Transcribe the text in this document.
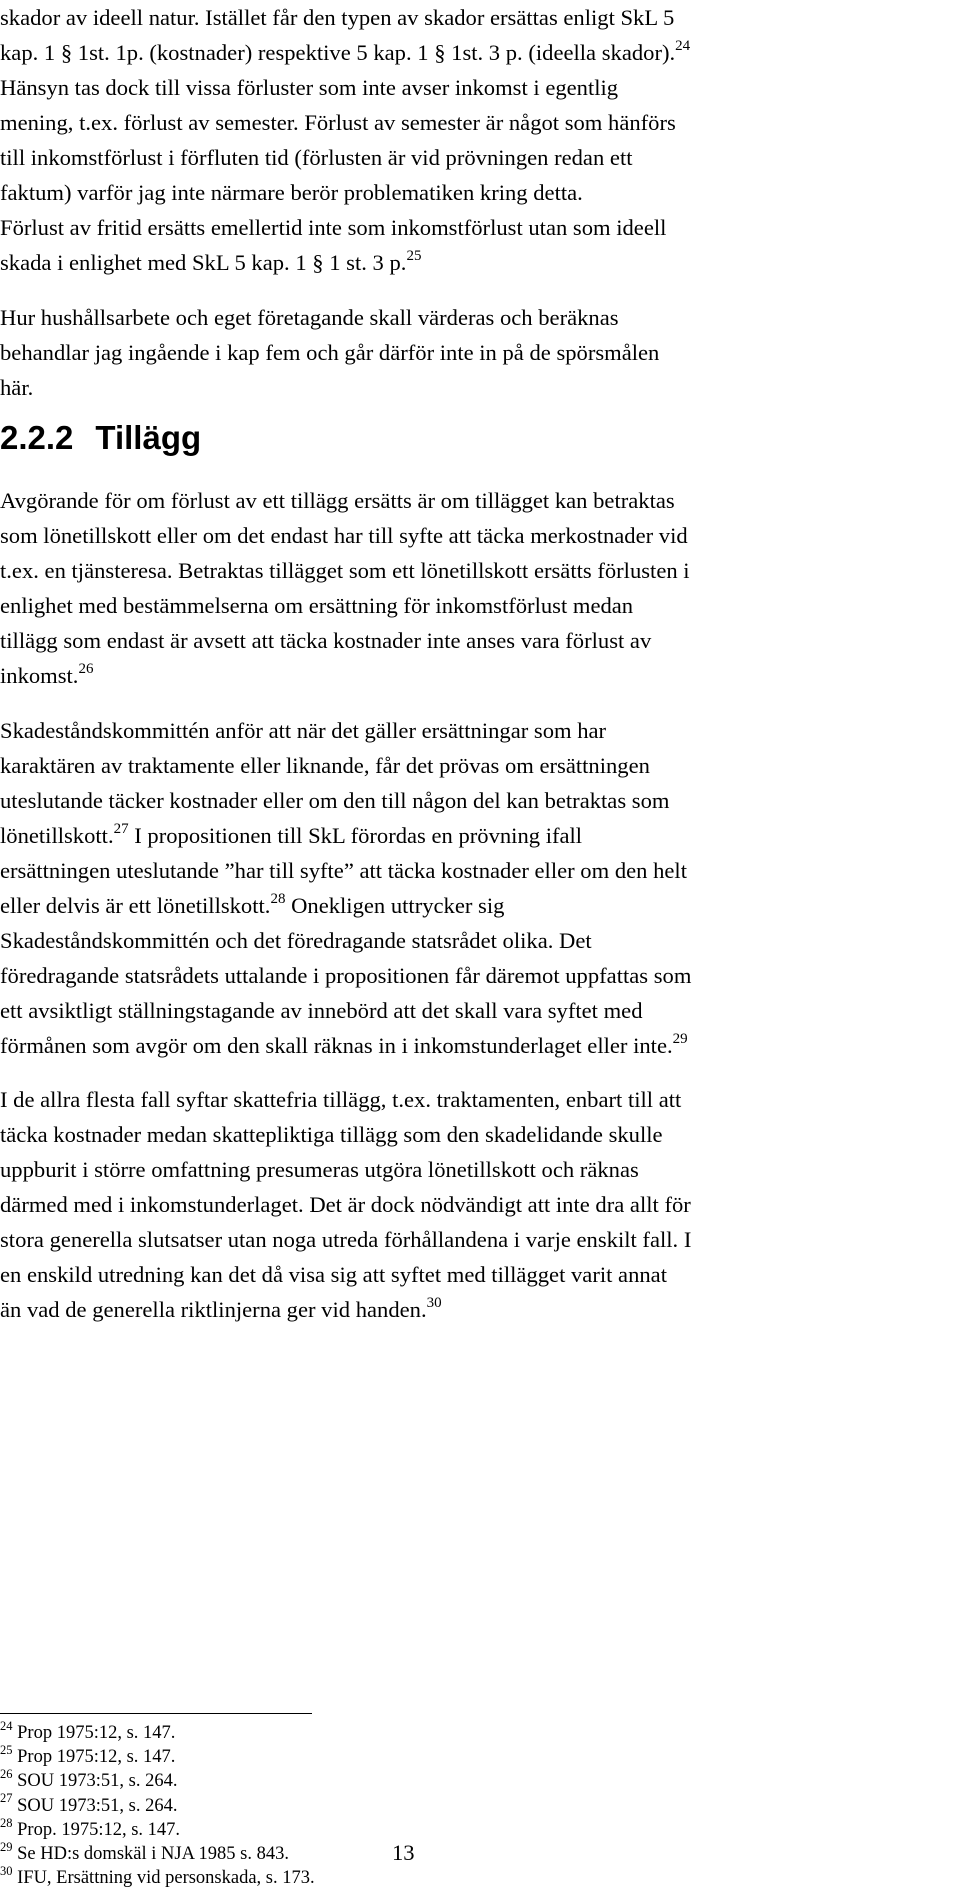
skador av ideell natur. Istället får den typen av skador ersättas enligt SkL 5
kap. 1 § 1st. 1p. (kostnader) respektive 5 kap. 1 § 1st. 3 p. (ideella skador).$^{24}$
Hänsyn tas dock till vissa förluster som inte avser inkomst i egentlig
mening, t.ex. förlust av semester. Förlust av semester är något som hänförs
till inkomstförlust i förfluten tid (förlusten är vid prövningen redan ett
faktum) varför jag inte närmare berör problematiken kring detta.
Förlust av fritid ersätts emellertid inte som inkomstförlust utan som ideell
skada i enlighet med SkL 5 kap. 1 § 1 st. 3 p.$^{25}$
Hur hushållsarbete och eget företagande skall värderas och beräknas
behandlar jag ingående i kap fem och går därför inte in på de spörsmålen
här.
Avgörande för om förlust av ett tillägg ersätts är om tillägget kan betraktas
som lönetillskott eller om det endast har till syfte att täcka merkostnader vid
t.ex. en tjänsteresa. Betraktas tillägget som ett lönetillskott ersätts förlusten i
enlighet med bestämmelserna om ersättning för inkomstförlust medan
tillägg som endast är avsett att täcka kostnader inte anses vara förlust av
inkomst.$^{26}$
Skadeståndskommittén anför att när det gäller ersättningar som har
karaktären av traktamente eller liknande, får det prövas om ersättningen
uteslutande täcker kostnader eller om den till någon del kan betraktas som
lönetillskott.$^{27}$ I propositionen till SkL förordas en prövning ifall
ersättningen uteslutande ”har till syfte” att täcka kostnader eller om den helt
eller delvis är ett lönetillskott.$^{28}$ Onekligen uttrycker sig
Skadeståndskommittén och det föredragande statsrådet olika. Det
föredragande statsrådets uttalande i propositionen får däremot uppfattas som
ett avsiktligt ställningstagande av innebörd att det skall vara syftet med
förmånen som avgör om den skall räknas in i inkomstunderlaget eller inte.$^{29}$
I de allra flesta fall syftar skattefria tillägg, t.ex. traktamenten, enbart till att
täcka kostnader medan skattepliktiga tillägg som den skadelidande skulle
uppburit i större omfattning presumeras utgöra lönetillskott och räknas
därmed med i inkomstunderlaget. Det är dock nödvändigt att inte dra allt för
stora generella slutsatser utan noga utreda förhållandena i varje enskilt fall. I
en enskild utredning kan det då visa sig att syftet med tillägget varit annat
än vad de generella riktlinjerna ger vid handen.$^{30}$
2.2.2 Tillägg
$^{24}$ Prop 1975:12, s. 147.
$^{25}$ Prop 1975:12, s. 147.
$^{26}$ SOU 1973:51, s. 264.
$^{27}$ SOU 1973:51, s. 264.
$^{28}$ Prop. 1975:12, s. 147.
$^{29}$ Se HD:s domskäl i NJA 1985 s. 843.
$^{30}$ IFU, Ersättning vid personskada, s. 173.
13
